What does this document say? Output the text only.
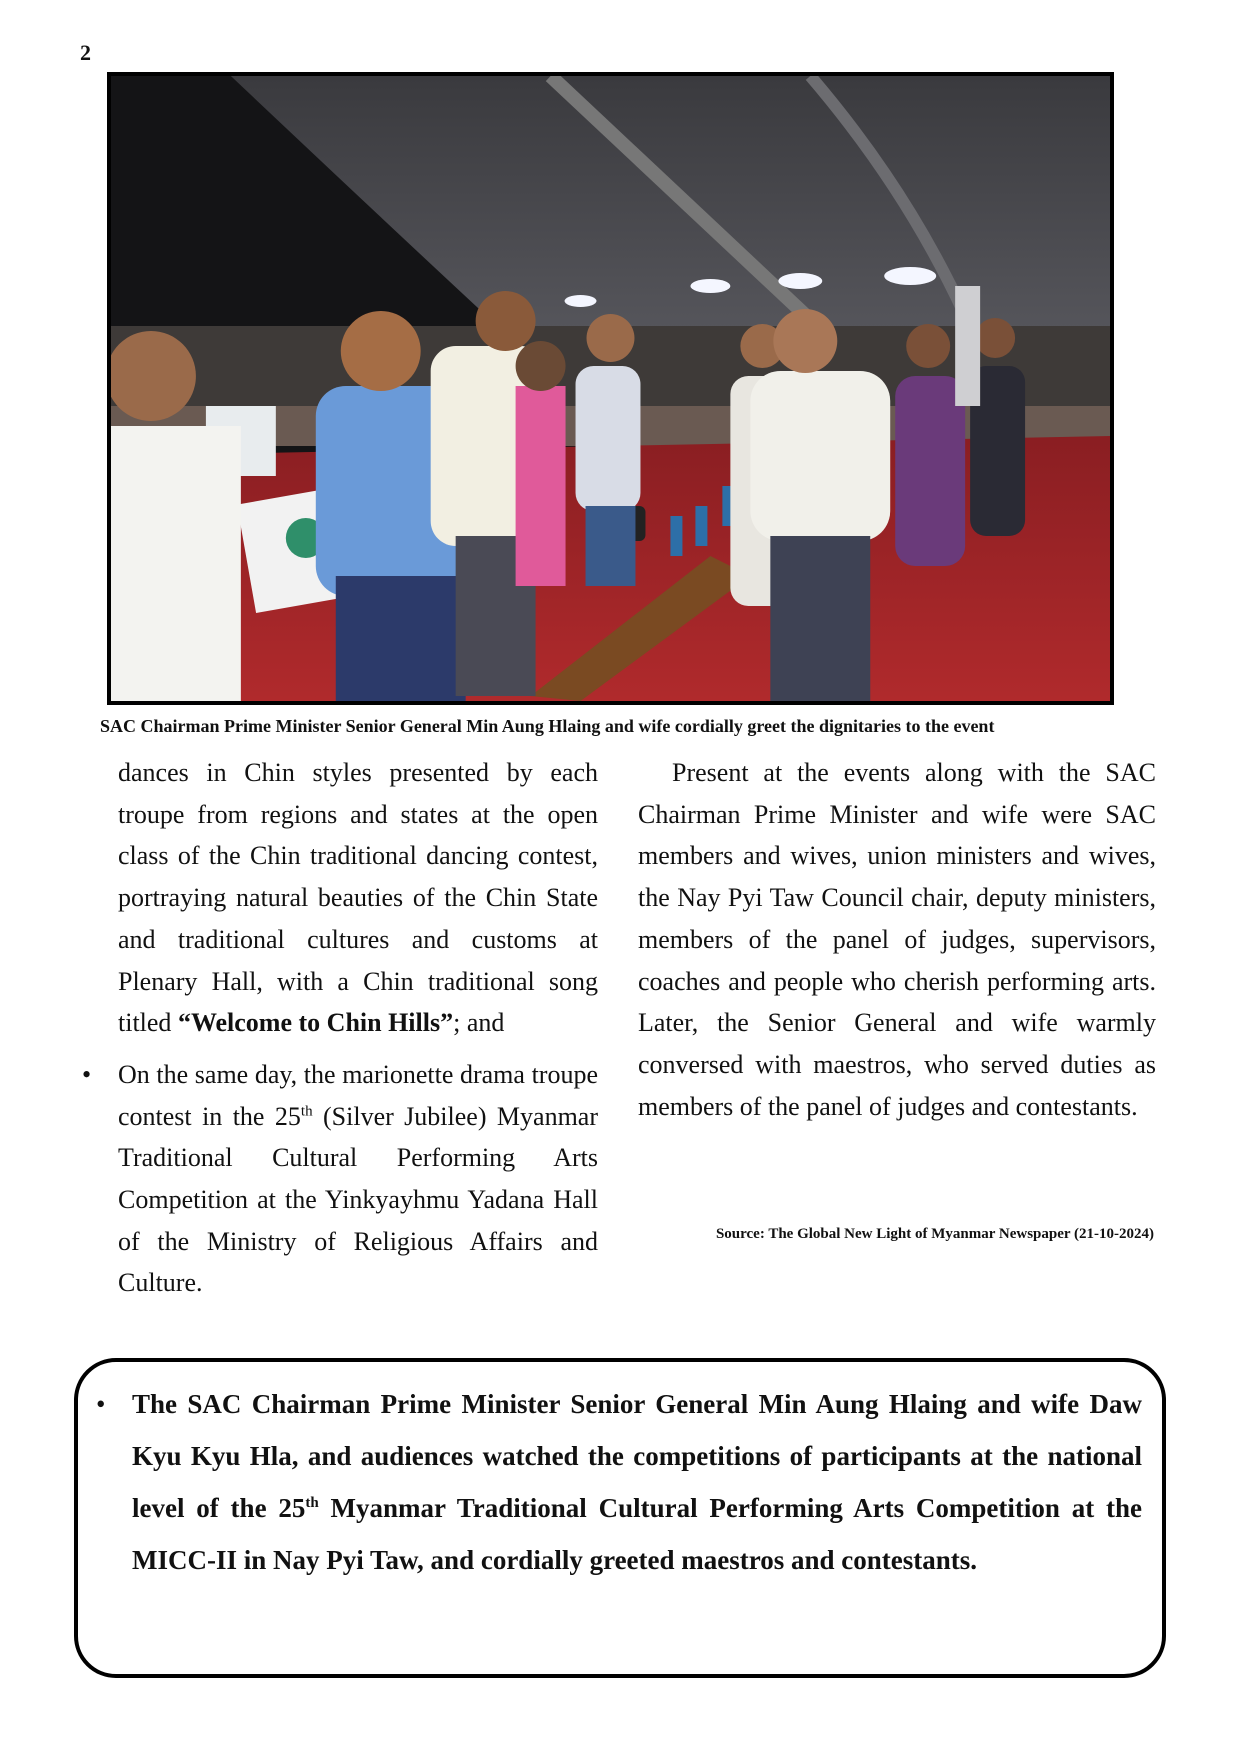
2
SAC Chairman Prime Minister Senior General Min Aung Hlaing and wife cordially greet the dignitaries to the event

dances in Chin styles presented by each troupe from regions and states at the open class of the Chin traditional dancing contest, portraying natural beauties of the Chin State and traditional cultures and customs at Plenary Hall, with a Chin traditional song titled “Welcome to Chin Hills”; and

• On the same day, the marionette drama troupe contest in the 25th (Silver Jubilee) Myanmar Traditional Cultural Performing Arts Competition at the Yinkyayhmu Yadana Hall of the Ministry of Religious Affairs and Culture.

Present at the events along with the SAC Chairman Prime Minister and wife were SAC members and wives, union ministers and wives, the Nay Pyi Taw Council chair, deputy ministers, members of the panel of judges, supervisors, coaches and people who cherish performing arts. Later, the Senior General and wife warmly conversed with maestros, who served duties as members of the panel of judges and contestants.

Source: The Global New Light of Myanmar Newspaper (21-10-2024)
• The SAC Chairman Prime Minister Senior General Min Aung Hlaing and wife Daw Kyu Kyu Hla, and audiences watched the competitions of participants at the national level of the 25th Myanmar Traditional Cultural Performing Arts Competition at the MICC-II in Nay Pyi Taw, and cordially greeted maestros and contestants.
